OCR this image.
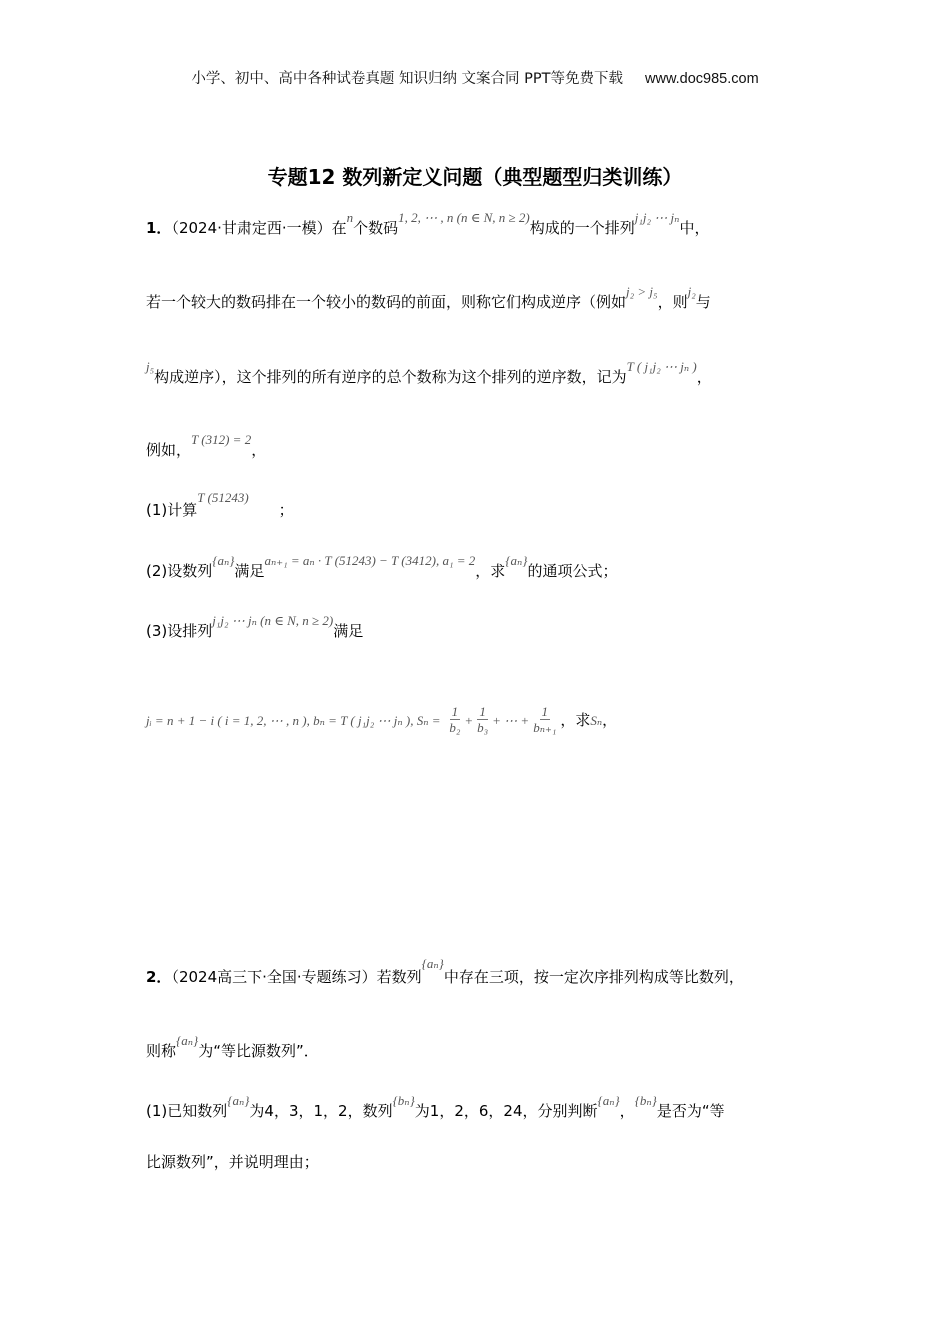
小学、初中、高中各种试卷真题 知识归纳 文案合同 PPT等免费下载 www.doc985.com
专题12 数列新定义问题（典型题型归类训练）
1．（2024·甘肃定西·一模）在n个数码1, 2, ⋯ , n (n ∈ N, n ≥ 2)构成的一个排列j₁j₂ ⋯ jₙ中，
若一个较大的数码排在一个较小的数码的前面，则称它们构成逆序（例如j₂ > j₅，则j₂与
j₅构成逆序），这个排列的所有逆序的总个数称为这个排列的逆序数，记为T ( j₁j₂ ⋯ jₙ )，
例如，T (312) = 2，
(1)计算T (51243)；
(2)设数列{aₙ}满足aₙ₊₁ = aₙ · T (51243) − T (3412), a₁ = 2，求{aₙ}的通项公式；
(3)设排列j₁j₂ ⋯ jₙ (n ∈ N, n ≥ 2)满足
jᵢ = n + 1 − i ( i = 1, 2, ⋯ , n ), bₙ = T ( j₁j₂ ⋯ jₙ ), $S_n = \frac{1}{\text{b₂}} + \frac{1}{\text{b₃}}$ + ⋯ + $\frac{1}{\text{bₙ₊₁}}$ ，求Sₙ，
2．（2024高三下·全国·专题练习）若数列{aₙ}中存在三项，按一定次序排列构成等比数列，
则称{aₙ}为“等比源数列”．
(1)已知数列{aₙ}为4，3，1，2，数列{bₙ}为1，2，6，24，分别判断{aₙ}，{bₙ}是否为“等
比源数列”，并说明理由；
